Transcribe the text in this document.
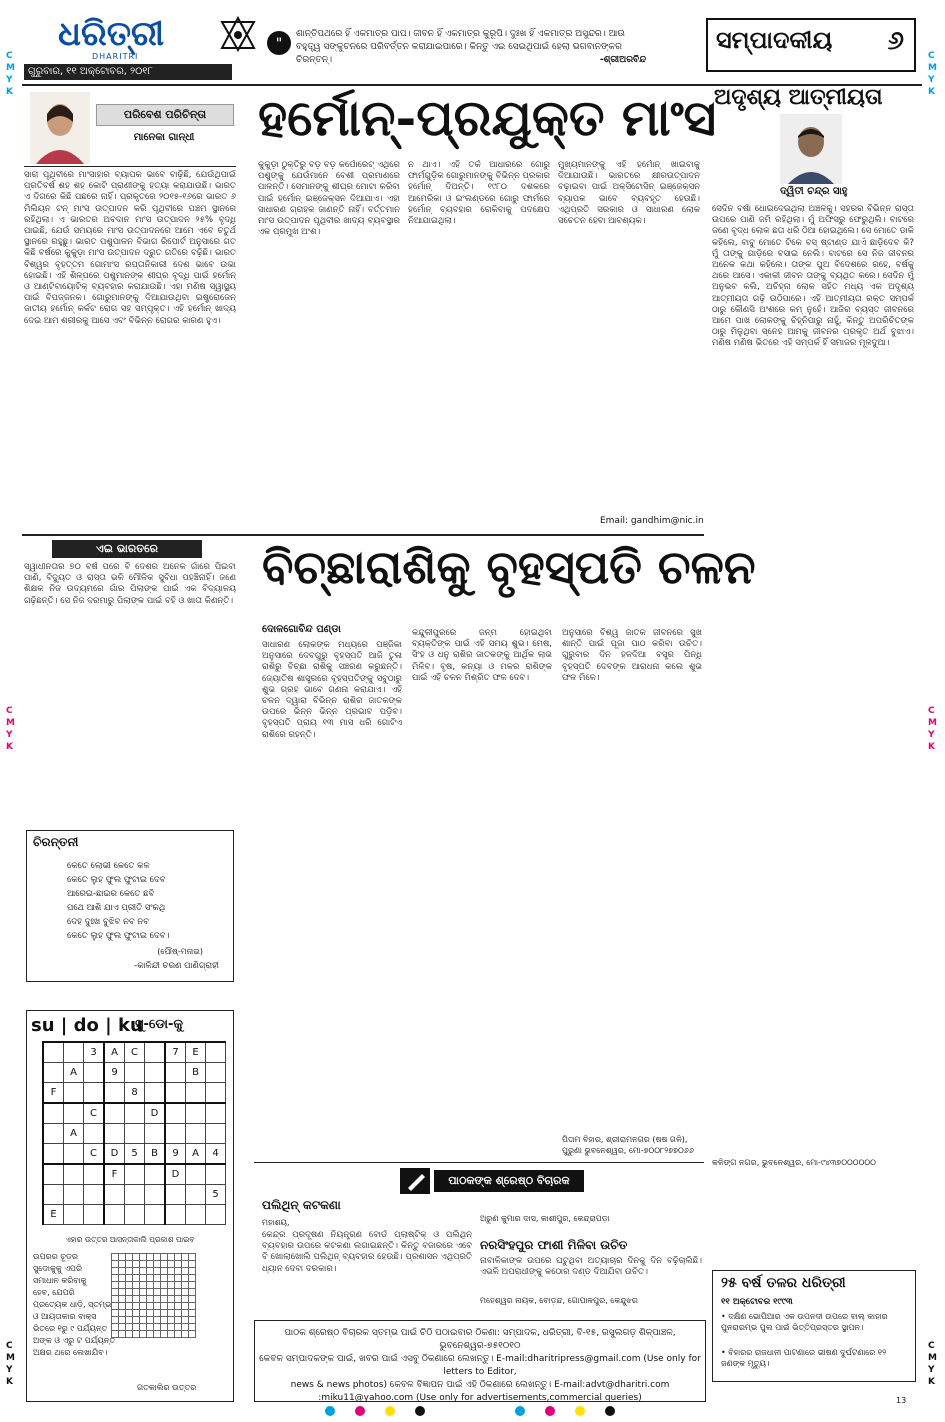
C
M
Y
K
C
M
Y
K
C
M
Y
K
C
M
Y
K
C
M
Y
K
C
M
Y
K
ଧରିତ୍ରୀ
DHARITRI
ଗୁରୁବାର, ୧୧ ଅକ୍ଟୋବର, ୨୦୧୮
"
ଶାନ୍ତିପଥରେ ହିଁ ଏକମାତ୍ର ପାପ। ଜୀବନ ହିଁ ଏକମାତ୍ର କୁରୂପି। ଦୁଃଖ ହିଁ ଏକମାତ୍ର ଅସୁନ୍ଦର। ଆଉ ବହୁତ୍ତ୍ୱ ସଙ୍କୁଚନରେ ପରିବର୍ତ୍ତନ କରାଯାଇପାରେ। କିନ୍ତୁ ଏଇ ସେଇଥିପାଇଁ ହେଲା ଭଗବାନଙ୍କର ଚିରନ୍ତନ୍।	-ଶ୍ରୀଅରବିନ୍ଦ
ସମ୍ପାଦକୀୟ ୬
ପରିବେଶ ପରିଚିନ୍ତା
ମାନେକା ଗାନ୍ଧୀ
ସାରା ପୃଥିବୀରେ ମାଂସାହାର ବ୍ୟାପକ ଭାବେ ବାଢ଼ିଛି, ଯେଉଁଥିପାଇଁ ପ୍ରତିବର୍ଷ ଶହ ଶହ କୋଟି ପ୍ରାଣୀଙ୍କୁ ହତ୍ୟା କରାଯାଉଛି। ଭାରତ ଏ ଦିଗରେ କିଛି ପଛରେ ନାହିଁ। ପ୍ରକୃତରେ ୨୦୧୫-୧୬ରେ ଭାରତ ୬ ମିଲିୟନ ଟନ୍ ମାଂସ ଉତ୍ପାଦନ କରି ପୃଥିବୀରେ ପଞ୍ଚମ ସ୍ଥାନରେ ରହିଥିଲା। ଏ ଭାରତର ଅବଦାନ ମାଂସ ଉତ୍ପାଦନ ୨୫% ବୃଦ୍ଧି ପାଇଛି, ଯେଉଁ ସମୟରେ ମାଂସ ଉତ୍ପାଦନରେ ଆମେ ଏବେ ଚତୁର୍ଥ ସ୍ଥାନରେ ରହୁଛୁ। ଭାରତ ପଶୁପାଳନ ବିଭାଗ ରିପୋର୍ଟ ଅନୁସାରେ ଗତ କିଛି ବର୍ଷରେ କୁକୁଡ଼ା ମାଂସ ଉତ୍ପାଦନ ଦ୍ରୁତ ଗତିରେ ବଢ଼ିଛି। ଭାରତ ବିଶ୍ୱର ବୃହତ୍ତମ ଗୋମାଂସ ରପ୍ତାନିକାରୀ ଦେଶ ଭାବେ ଉଭା ହୋଇଛି। ଏହି ଶିଳ୍ପରେ ପଶୁମାନଙ୍କ ଶୀଘ୍ର ବୃଦ୍ଧି ପାଇଁ ହର୍ମୋନ୍ ଓ ଆଣ୍ଟିବାୟୋଟିକ୍ ବ୍ୟବହାର କରାଯାଉଛି। ଏହା ମଣିଷ ସ୍ୱାସ୍ଥ୍ୟ ପାଇଁ ବିପଜ୍ଜନକ। ଗୋରୁମାନଙ୍କୁ ଦିଆଯାଉଥିବା ଇଷ୍ଟ୍ରୋଜେନ୍ ଜାତୀୟ ହର୍ମୋନ୍ କର୍କଟ ରୋଗ ସହ ସମ୍ପୃକ୍ତ। ଏହି ହର୍ମୋନ୍ ଖାଦ୍ୟ ଦେଇ ଆମ ଶରୀରକୁ ଆସେ ଏବଂ ବିଭିନ୍ନ ରୋଗର କାରଣ ହୁଏ।
ହର୍ମୋନ୍-ପ୍ରଯୁକ୍ତ ମାଂସ
କୁକୁଡ଼ା ଠୁକ୍ତିରୁ ବଡ଼ ବଡ଼ କର୍ପୋରେଟ୍ ଏଥିରେ ପଶୁଙ୍କୁ ଯେଉଁମାନେ ବେଶୀ ପ୍ରମାଣରେ ପାଳନ୍ତି। ସେମାନଙ୍କୁ ଶୀଘ୍ର ମୋଟା କରିବା ପାଇଁ ହର୍ମୋନ୍ ଇଞ୍ଜେକ୍ସନ ଦିଆଯାଏ। ଏହା ସାଧାରଣ ଗ୍ରାହକ ଜାଣନ୍ତି ନାହିଁ। ବର୍ତ୍ତମାନ ମାଂସ ଉତ୍ପାଦନ ପୃଥିବୀର ଖାଦ୍ୟ ବ୍ୟବସ୍ଥାର ଏକ ପ୍ରମୁଖ ଅଂଶ।
ନ ଥାଏ। ଏହି ତର୍କ ଆଧାରରେ ଗୋରୁ ଫାର୍ମଗୁଡ଼ିକ ଗୋରୁମାନଙ୍କୁ ବିଭିନ୍ନ ପ୍ରକାର ହର୍ମୋନ୍ ଦିଅନ୍ତି। ୧୯୮୦ ଦଶକରେ ଆମେରିକା ଓ ଇଂଲଣ୍ଡରେ ଗୋରୁ ଫାର୍ମରେ ହର୍ମୋନ୍ ବ୍ୟବହାର ରୋକିବାକୁ ପଦକ୍ଷେପ ନିଆଯାଇଥିଲା।
ମୁଖ୍ୟମାନଙ୍କୁ ଏହି ହର୍ମୋନ୍ ଖାଇବାକୁ ଦିଆଯାଉଛି। ଭାରତରେ କ୍ଷୀରଉତ୍ପାଦନ ବଢ଼ାଇବା ପାଇଁ ଅକ୍ସିଟୋସିନ୍ ଇଞ୍ଜେକ୍ସନ ବ୍ୟାପକ ଭାବେ ବ୍ୟବହୃତ ହେଉଛି। ଏଥିପ୍ରତି ସରକାର ଓ ସାଧାରଣ ଲୋକ ସଚେତନ ହେବା ଆବଶ୍ୟକ।
Email: gandhim@nic.in
ଅଦୃଶ୍ୟ ଆତ୍ମୀୟତା
ଦ୍ୱିତୀ ଚନ୍ଦ୍ର ସାହୁ
ସେଦିନ ବର୍ଷା ଧୋଇଦେଇଥିଲା ଅଞ୍ଚଳକୁ। ସହରର ବିଭିନ୍ନ ରାସ୍ତା ଉପରେ ପାଣି ଜମି ରହିଥିଲା। ମୁଁ ଅଫିସରୁ ଫେରୁଥିଲି। ବାଟରେ ଜଣେ ବୃଦ୍ଧ ଲୋକ ଛତା ଧରି ଠିଆ ହୋଇଥିଲେ। ସେ ମୋତେ ଡାକି କହିଲେ, ବାବୁ ମୋତେ ଟିକେ ବସ୍ ଷ୍ଟାଣ୍ଡ ଯାଏଁ ଛାଡ଼ିଦେବ କି? ମୁଁ ତାଙ୍କୁ ଗାଡ଼ିରେ ବସାଇ ନେଲି। ବାଟରେ ସେ ନିଜ ଜୀବନର ଅନେକ କଥା କହିଲେ। ତାଙ୍କ ପୁଅ ବିଦେଶରେ ରହେ, ବର୍ଷକୁ ଥରେ ଆସେ। ଏକାକୀ ଜୀବନ ତାଙ୍କୁ ବ୍ୟଥିତ କରେ। ସେଦିନ ମୁଁ ଅନୁଭବ କଲି, ଅଚିହ୍ନା ଲୋକ ସହିତ ମଧ୍ୟ ଏକ ଅଦୃଶ୍ୟ ଆତ୍ମୀୟତା ଗଢ଼ି ଉଠିପାରେ। ଏହି ଆତ୍ମୀୟତା ରକ୍ତ ସମ୍ପର୍କ ଠାରୁ କୌଣସି ଅଂଶରେ କମ୍ ନୁହେଁ। ଆଜିର ବ୍ୟସ୍ତ ଜୀବନରେ ଆମେ ପାଖ ଲୋକଙ୍କୁ ଚିହ୍ନିପାରୁ ନାହୁଁ, କିନ୍ତୁ ଅପରିଚିତଙ୍କ ଠାରୁ ମିଳୁଥିବା ସ୍ନେହ ଆମକୁ ଜୀବନର ପ୍ରକୃତ ଅର୍ଥ ବୁଝାଏ। ମଣିଷ ମଣିଷ ଭିତରେ ଏହି ସମ୍ପର୍କ ହିଁ ସମାଜର ମୂଳଦୁଆ।
କଳିଙ୍ଗ ନଗର, ଭୁବନେଶ୍ୱର, ମୋ-୯୪୩୭୦୦୦୦୦୦
ଏଇ ଭାରତରେ
ସ୍ୱାଧୀନତାର ୭୦ ବର୍ଷ ପରେ ବି ଦେଶର ଅନେକ ଗାଁରେ ପିଇବା ପାଣି, ବିଦ୍ୟୁତ ଓ ରାସ୍ତା ଭଳି ମୌଳିକ ସୁବିଧା ପହଞ୍ଚିନାହିଁ। ଜଣେ ଶିକ୍ଷକ ନିଜ ଉଦ୍ୟମରେ ଗାଁର ପିଲାଙ୍କ ପାଇଁ ଏକ ବିଦ୍ୟାଳୟ ଗଢ଼ିଛନ୍ତି। ସେ ନିଜ ଦରମାରୁ ପିଲାଙ୍କ ପାଇଁ ବହି ଓ ଖାତା କିଣନ୍ତି।
ଚିରନ୍ତନୀ
କେତେ ଲୋଭୀ କେତେ କଳ
କେତେ ଲୁହ ଫୁଲ ଫୁଟାଇ ଦେବ
ଆରେଇ-ଛାଇର କେତେ ଛବି
ପଥେ ଆଶି ଯାଏ ପ୍ରୀତି ସଂକଥି
ଦେହ ଦୁଃଖ ବୁଝିବ ନବ ନବ
କେତେ ଲୁହ ଫୁଲ ଫୁଟାଇ ଦେବ।
(ପୌଷ୍-ମନାଇ)
-କାଳିନ୍ଦୀ ଚରଣ ପାଣିଗ୍ରାହୀ
su | do | ku
ସୁ-ଡୋ-କୁ
		3	A	C		7	E	
	A		9				B	
F				8				
		C			D			
	A							
		C	D	5	B	9	A	4
			F			D		
								5
E								
ଏହାର ଉତ୍ତର ଆସନ୍ତାକାଲି ପ୍ରକାଶ ପାଇବ
ଉପରର ଚୂଡ଼ର
ସୁଡୋକୁକୁ ଏପରି
ସମାଧାନ କରିବାକୁ
ହେବ, ଯେପରି
ପ୍ରତ୍ୟେକ ଧାଡ଼ି, ସ୍ତମ୍ଭ
ଓ ଆୟତାକାର ବାକ୍ସ
ଭିତରେ ୧ରୁ ୯ ପର୍ଯ୍ୟନ୍ତ
ଅଙ୍କ ଓ ଏରୁ ଟ ପର୍ଯ୍ୟନ୍ତ
ଅକ୍ଷର ଥରେ ଲେଖାଯିବ।

ଗତକାଲିର ଉତ୍ତର
ବିଚ୍ଛାରାଶିକୁ ବୃହସ୍ପତି ଚଳନ
ଦୋଳଗୋବିନ୍ଦ ପଣ୍ଡା
ସାଧାରଣ ଲୋକଙ୍କ ମଧ୍ୟରେ ପଞ୍ଜିକା ଅନୁସାରେ ଦେବଗୁରୁ ବୃହସ୍ପତି ଆଜି ତୁଳା ରାଶିରୁ ବିଚ୍ଛା ରାଶିକୁ ସଞ୍ଚରଣ କରୁଛନ୍ତି। ଜ୍ୟୋତିଷ ଶାସ୍ତ୍ରରେ ବୃହସ୍ପତିଙ୍କୁ ସବୁଠାରୁ ଶୁଭ ଗ୍ରହ ଭାବେ ଗଣନା କରାଯାଏ। ଏହି ଚଳନ ଦ୍ୱାରା ବିଭିନ୍ନ ରାଶିର ଜାତକଙ୍କ ଉପରେ ଭିନ୍ନ ଭିନ୍ନ ପ୍ରଭାବ ପଡ଼ିବ। ବୃହସ୍ପତି ପ୍ରାୟ ୧୩ ମାସ ଧରି ଗୋଟିଏ ରାଶିରେ ରହନ୍ତି।
କନ୍ଦୁଳୀପୁରରେ ଜନ୍ମ ହୋଇଥିବା ବ୍ୟକ୍ତିଙ୍କ ପାଇଁ ଏହି ସମୟ ଶୁଭ। ମେଷ, ସିଂହ ଓ ଧନୁ ରାଶିର ଜାତକଙ୍କୁ ଆର୍ଥିକ ଲାଭ ମିଳିବ। ବୃଷ, କନ୍ୟା ଓ ମକର ରାଶିଙ୍କ ପାଇଁ ଏହି ଚଳନ ମିଶ୍ରିତ ଫଳ ଦେବ।
ଅନୁସାରେ ବିଶ୍ୱ ଜାତକ ଜୀବନରେ ସୁଖ ଶାନ୍ତି ପାଇଁ ପୂଜା ପାଠ କରିବା ଉଚିତ। ଗୁରୁବାର ଦିନ ହଳଦିଆ ବସ୍ତ୍ର ପିନ୍ଧି ବୃହସ୍ପତି ଦେବଙ୍କ ଆରାଧନା କଲେ ଶୁଭ ଫଳ ମିଳେ।
ପିତାମ ବିହାର, ଶ୍ରୀରାମନଗର (ଷଷ ଗଳି), ପୁରୁଣା ଭୁବନେଶ୍ୱର, ମୋ-୭୦୦୮୨୭୭୦୬୬
ପାଠକଙ୍କ ଶ୍ରେଷ୍ଠ ବିଚାରକ
ପଲିଥିନ୍ କଟକଣା
ମହାଶୟ,
କେନ୍ଦ୍ର ପ୍ରଦୂଷଣ ନିୟନ୍ତ୍ରଣ ବୋର୍ଡ ପ୍ଲାଷ୍ଟିକ୍ ଓ ପଲିଥିନ୍ ବ୍ୟବହାର ଉପରେ କଟକଣା ଲଗାଇଛନ୍ତି। କିନ୍ତୁ ବଜାରରେ ଏବେ ବି ଖୋଲାଖୋଲି ପଲିଥିନ୍ ବ୍ୟବହାର ହେଉଛି। ପ୍ରଶାସନ ଏଥିପ୍ରତି ଧ୍ୟାନ ଦେବା ଦରକାର।
ଅରୁଣ କୁମାର ଦାସ, କାଶୀପୁର, କେନ୍ଦ୍ରାପଡ଼ା
ନରସିଂହପୁର ଫାଶୀ ମିଳିବା ଉଚିତ
ନାବାଳିକାଙ୍କ ଉପରେ ଘଟୁଥିବା ଅତ୍ୟାଚାର ଦିନକୁ ଦିନ ବଢ଼ିଚାଲିଛି। ଏଭଳି ଅପରାଧୀଙ୍କୁ କଠୋର ଦଣ୍ଡ ଦିଆଯିବା ଉଚିତ।
ମହେଶ୍ୱର ନାୟକ, ବୋଡ଼ନ୍ଦ, ଗୋପାଳପୁର, କେନ୍ଦୁଝର
ପାଠକ ଶ୍ରେଷ୍ଠ ବିଚାରକ ସ୍ତମ୍ଭ ପାଇଁ ଚିଠି ପଠାଇବାର ଠିକଣା: ସମ୍ପାଦକ, ଧରିତ୍ରୀ, ବି-୧୫, ରସୁଲଗଡ଼ ଶିଳ୍ପାଞ୍ଚଳ, ଭୁବନେଶ୍ୱର-୭୫୧୦୧୦
କେବଳ ସମ୍ପାଦକଙ୍କ ପାଇଁ, ଖବର ପାଇଁ ଏସବୁ ଠିକଣାରେ ଲେଖନ୍ତୁ। E-mail:dharitripress@gmail.com (Use only for letters to Editor,
news & news photos) କେବଳ ବିଜ୍ଞାପନ ପାଇଁ ଏହି ଠିକଣାରେ ଲେଖନ୍ତୁ। E-mail:advt@dharitri.com
:miku11@yahoo.com (Use only for advertisements,commercial queries)
୨୫ ବର୍ଷ ତଳର ଧରିତ୍ରୀ
୧୧ ଅକ୍ଟୋବର ୧୯୯୩
• ଦକ୍ଷିଣ ଭୋପିଆର ଏକ ଉପନଦୀ ଉପରେ ବାଲ୍ କାହାର ପୁନରାରମ୍ଭ ପୁଲ ପାଇଁ ଭିତ୍ତିପ୍ରସ୍ତର ସ୍ଥାପନ।
• ବିହାରର ରାଜଧାନୀ ପାଟଣାରେ ଭୀଷଣ ଦୁର୍ଘଟଣାରେ ୧୨ ଜଣଙ୍କ ମୃତ୍ୟୁ।
13
